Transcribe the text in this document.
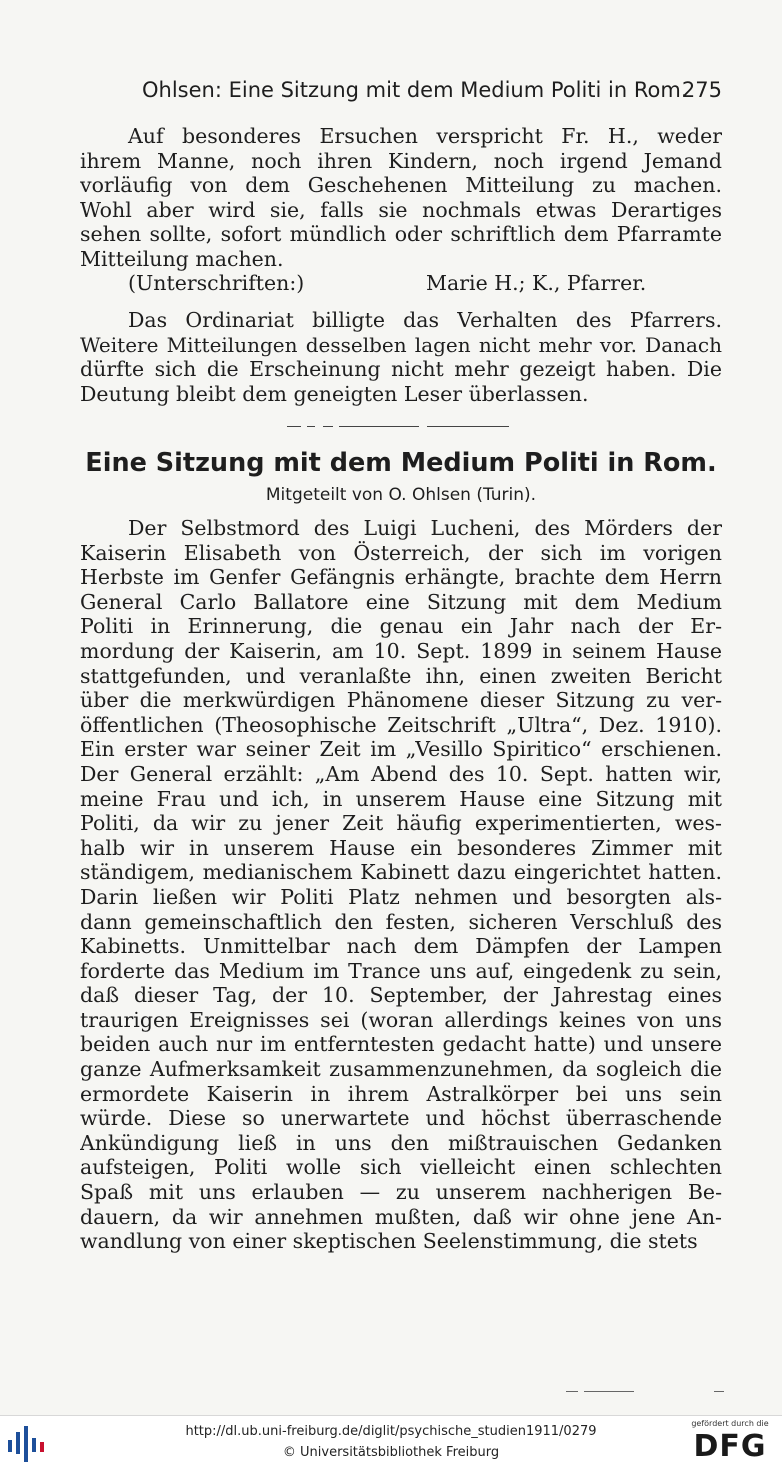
Ohlsen: Eine Sitzung mit dem Medium Politi in Rom.
275
Auf besonderes Ersuchen verspricht Fr. H., weder
ihrem Manne, noch ihren Kindern, noch irgend Jemand
vorläufig von dem Geschehenen Mitteilung zu machen.
Wohl aber wird sie, falls sie nochmals etwas Derartiges
sehen sollte, sofort mündlich oder schriftlich dem Pfarramte
Mitteilung machen.
(Unterschriften:)	Marie H.; K., Pfarrer.
Das Ordinariat billigte das Verhalten des Pfarrers.
Weitere Mitteilungen desselben lagen nicht mehr vor. Danach
dürfte sich die Erscheinung nicht mehr gezeigt haben. Die
Deutung bleibt dem geneigten Leser überlassen.
Eine Sitzung mit dem Medium Politi in Rom.
Mitgeteilt von O. Ohlsen (Turin).
Der Selbstmord des Luigi Lucheni, des Mörders der
Kaiserin Elisabeth von Österreich, der sich im vorigen
Herbste im Genfer Gefängnis erhängte, brachte dem Herrn
General Carlo Ballatore eine Sitzung mit dem Medium
Politi in Erinnerung, die genau ein Jahr nach der Er-
mordung der Kaiserin, am 10. Sept. 1899 in seinem Hause
stattgefunden, und veranlaßte ihn, einen zweiten Bericht
über die merkwürdigen Phänomene dieser Sitzung zu ver-
öffentlichen (Theosophische Zeitschrift „Ultra“, Dez. 1910).
Ein erster war seiner Zeit im „Vesillo Spiritico“ erschienen.
Der General erzählt: „Am Abend des 10. Sept. hatten wir,
meine Frau und ich, in unserem Hause eine Sitzung mit
Politi, da wir zu jener Zeit häufig experimentierten, wes-
halb wir in unserem Hause ein besonderes Zimmer mit
ständigem, medianischem Kabinett dazu eingerichtet hatten.
Darin ließen wir Politi Platz nehmen und besorgten als-
dann gemeinschaftlich den festen, sicheren Verschluß des
Kabinetts. Unmittelbar nach dem Dämpfen der Lampen
forderte das Medium im Trance uns auf, eingedenk zu sein,
daß dieser Tag, der 10. September, der Jahrestag eines
traurigen Ereignisses sei (woran allerdings keines von uns
beiden auch nur im entferntesten gedacht hatte) und unsere
ganze Aufmerksamkeit zusammenzunehmen, da sogleich die
ermordete Kaiserin in ihrem Astralkörper bei uns sein
würde. Diese so unerwartete und höchst überraschende
Ankündigung ließ in uns den mißtrauischen Gedanken
aufsteigen, Politi wolle sich vielleicht einen schlechten
Spaß mit uns erlauben — zu unserem nachherigen Be-
dauern, da wir annehmen mußten, daß wir ohne jene An-
wandlung von einer skeptischen Seelenstimmung, die stets
http://dl.ub.uni-freiburg.de/diglit/psychische_studien1911/0279
© Universitätsbibliothek Freiburg
gefördert durch die
DFG
